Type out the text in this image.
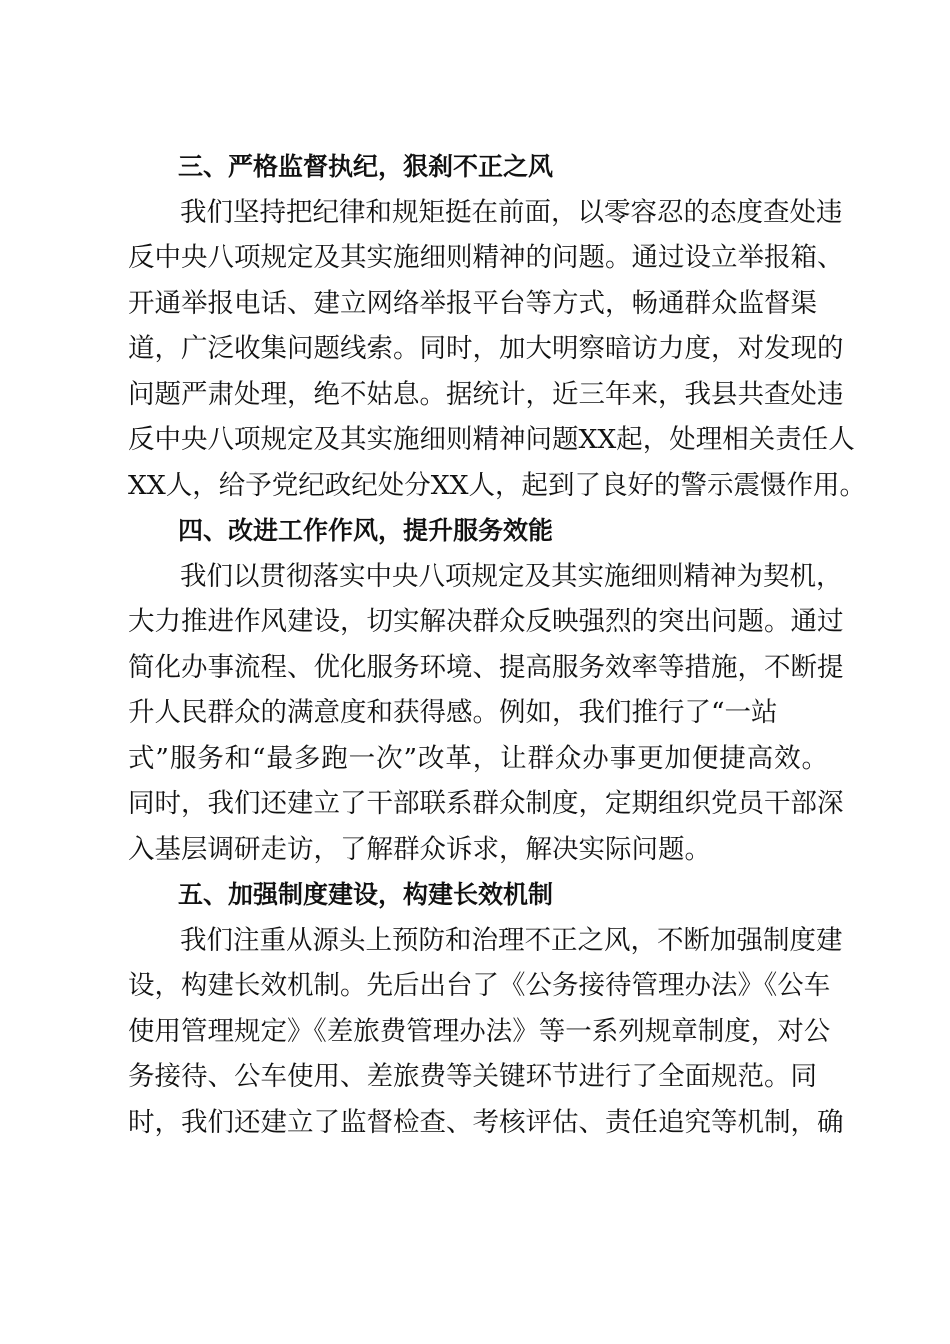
三、严格监督执纪，狠刹不正之风
我们坚持把纪律和规矩挺在前面，以零容忍的态度查处违
反中央八项规定及其实施细则精神的问题。通过设立举报箱、
开通举报电话、建立网络举报平台等方式，畅通群众监督渠
道，广泛收集问题线索。同时，加大明察暗访力度，对发现的
问题严肃处理，绝不姑息。据统计，近三年来，我县共查处违
反中央八项规定及其实施细则精神问题XX起，处理相关责任人
XX人，给予党纪政纪处分XX人，起到了良好的警示震慑作用。
四、改进工作作风，提升服务效能
我们以贯彻落实中央八项规定及其实施细则精神为契机，
大力推进作风建设，切实解决群众反映强烈的突出问题。通过
简化办事流程、优化服务环境、提高服务效率等措施，不断提
升人民群众的满意度和获得感。例如，我们推行了“一站
式”服务和“最多跑一次”改革，让群众办事更加便捷高效。
同时，我们还建立了干部联系群众制度，定期组织党员干部深
入基层调研走访，了解群众诉求，解决实际问题。
五、加强制度建设，构建长效机制
我们注重从源头上预防和治理不正之风，不断加强制度建
设，构建长效机制。先后出台了《公务接待管理办法》《公车
使用管理规定》《差旅费管理办法》等一系列规章制度，对公
务接待、公车使用、差旅费等关键环节进行了全面规范。同
时，我们还建立了监督检查、考核评估、责任追究等机制，确
